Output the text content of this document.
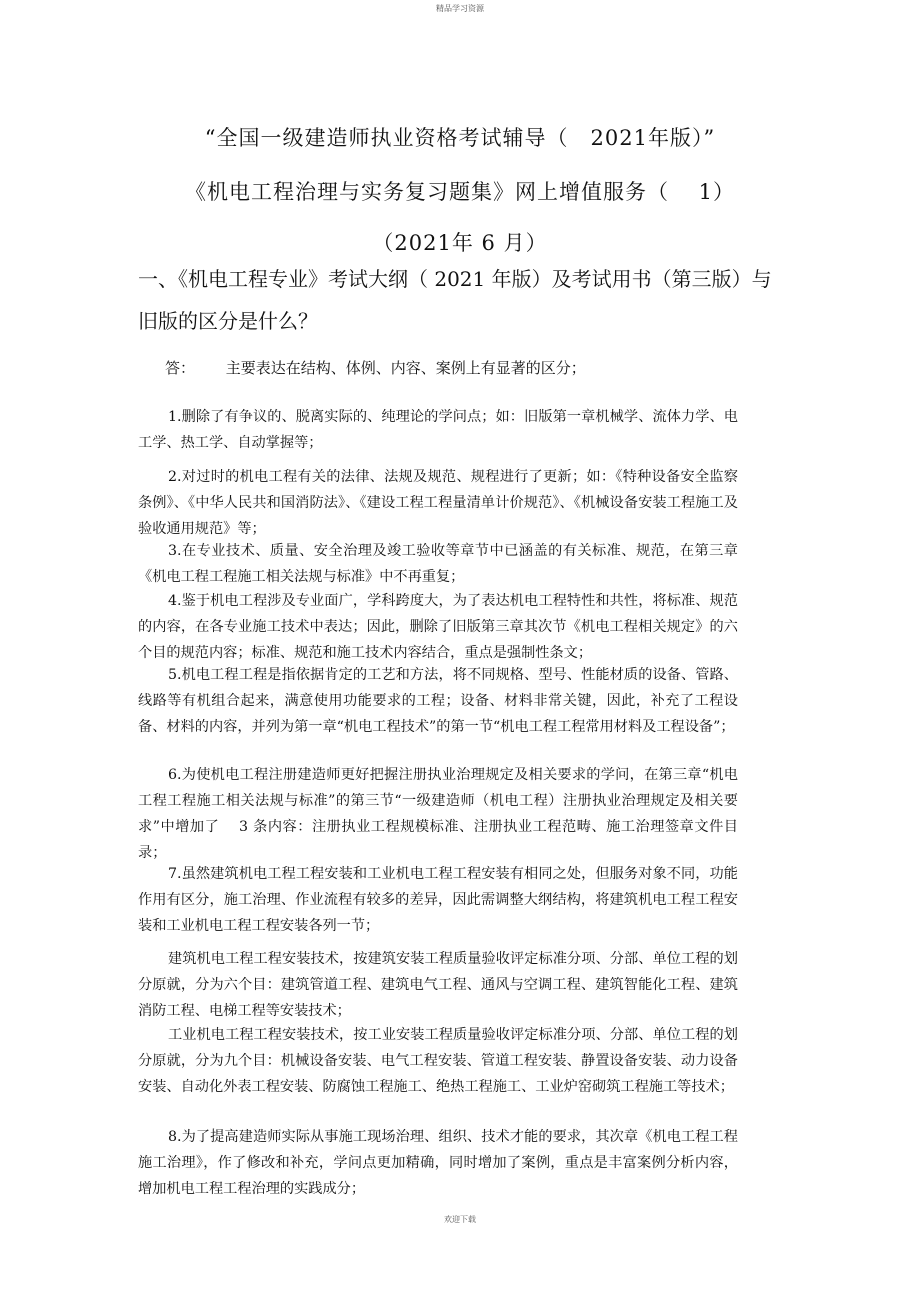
精品学习资源
“全国一级建造师执业资格考试辅导（　2021年版）”
《机电工程治理与实务复习题集》网上增值服务（　 1）
（2021年 6 月）
一、《机电工程专业》考试大纲（ 2021 年版）及考试用书（第三版）与旧版的区分是什么？
答： 主要表达在结构、体例、内容、案例上有显著的区分；

1.删除了有争议的、脱离实际的、纯理论的学问点；如：旧版第一章机械学、流体力学、电工学、热工学、自动掌握等；

2.对过时的机电工程有关的法律、法规及规范、规程进行了更新；如：《特种设备安全监察条例》、《中华人民共和国消防法》、《建设工程工程量清单计价规范》、《机械设备安装工程施工及验收通用规范》等；

3.在专业技术、质量、安全治理及竣工验收等章节中已涵盖的有关标准、规范，在第三章《机电工程工程施工相关法规与标准》中不再重复；

4.鉴于机电工程涉及专业面广，学科跨度大，为了表达机电工程特性和共性，将标准、规范的内容，在各专业施工技术中表达；因此，删除了旧版第三章其次节《机电工程相关规定》的六个目的规范内容；标准、规范和施工技术内容结合，重点是强制性条文；

5.机电工程工程是指依据肯定的工艺和方法，将不同规格、型号、性能材质的设备、管路、线路等有机组合起来，满意使用功能要求的工程；设备、材料非常关键，因此，补充了工程设备、材料的内容，并列为第一章“机电工程技术”的第一节“机电工程工程常用材料及工程设备”；

6.为使机电工程注册建造师更好把握注册执业治理规定及相关要求的学问，在第三章“机电工程工程施工相关法规与标准”的第三节“一级建造师（机电工程）注册执业治理规定及相关要求”中增加了　 3 条内容：注册执业工程规模标准、注册执业工程范畴、施工治理签章文件目录；

7.虽然建筑机电工程工程安装和工业机电工程工程安装有相同之处，但服务对象不同，功能作用有区分，施工治理、作业流程有较多的差异，因此需调整大纲结构，将建筑机电工程工程安装和工业机电工程工程安装各列一节；

建筑机电工程工程安装技术，按建筑安装工程质量验收评定标准分项、分部、单位工程的划分原就，分为六个目：建筑管道工程、建筑电气工程、通风与空调工程、建筑智能化工程、建筑消防工程、电梯工程等安装技术；

工业机电工程工程安装技术，按工业安装工程质量验收评定标准分项、分部、单位工程的划分原就，分为九个目：机械设备安装、电气工程安装、管道工程安装、静置设备安装、动力设备安装、自动化外表工程安装、防腐蚀工程施工、绝热工程施工、工业炉窑砌筑工程施工等技术；

8.为了提高建造师实际从事施工现场治理、组织、技术才能的要求，其次章《机电工程工程施工治理》，作了修改和补充，学问点更加精确，同时增加了案例，重点是丰富案例分析内容，增加机电工程工程治理的实践成分；

欢迎下载
